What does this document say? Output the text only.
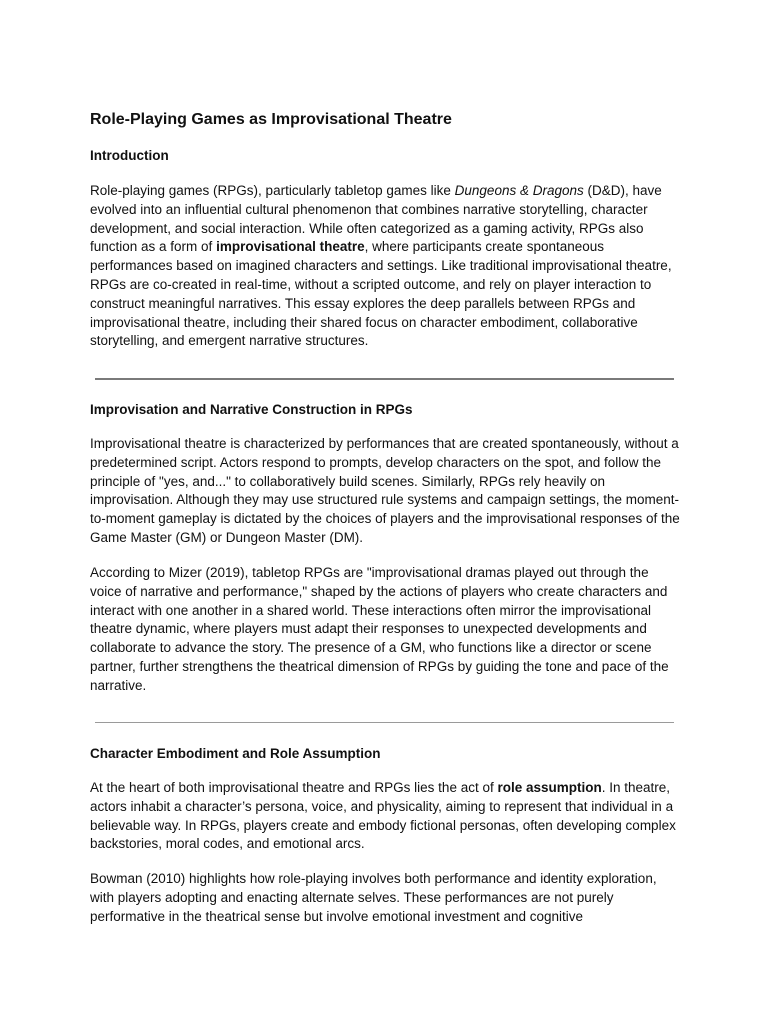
Role-Playing Games as Improvisational Theatre
Introduction

Role-playing games (RPGs), particularly tabletop games like Dungeons & Dragons (D&D), have evolved into an influential cultural phenomenon that combines narrative storytelling, character development, and social interaction. While often categorized as a gaming activity, RPGs also function as a form of improvisational theatre, where participants create spontaneous performances based on imagined characters and settings. Like traditional improvisational theatre, RPGs are co-created in real-time, without a scripted outcome, and rely on player interaction to construct meaningful narratives. This essay explores the deep parallels between RPGs and improvisational theatre, including their shared focus on character embodiment, collaborative storytelling, and emergent narrative structures.

Improvisation and Narrative Construction in RPGs

Improvisational theatre is characterized by performances that are created spontaneously, without a predetermined script. Actors respond to prompts, develop characters on the spot, and follow the principle of "yes, and..." to collaboratively build scenes. Similarly, RPGs rely heavily on improvisation. Although they may use structured rule systems and campaign settings, the moment-to-moment gameplay is dictated by the choices of players and the improvisational responses of the Game Master (GM) or Dungeon Master (DM).

According to Mizer (2019), tabletop RPGs are "improvisational dramas played out through the voice of narrative and performance," shaped by the actions of players who create characters and interact with one another in a shared world. These interactions often mirror the improvisational theatre dynamic, where players must adapt their responses to unexpected developments and collaborate to advance the story. The presence of a GM, who functions like a director or scene partner, further strengthens the theatrical dimension of RPGs by guiding the tone and pace of the narrative.

Character Embodiment and Role Assumption

At the heart of both improvisational theatre and RPGs lies the act of role assumption. In theatre, actors inhabit a character’s persona, voice, and physicality, aiming to represent that individual in a believable way. In RPGs, players create and embody fictional personas, often developing complex backstories, moral codes, and emotional arcs.

Bowman (2010) highlights how role-playing involves both performance and identity exploration, with players adopting and enacting alternate selves. These performances are not purely performative in the theatrical sense but involve emotional investment and cognitive
